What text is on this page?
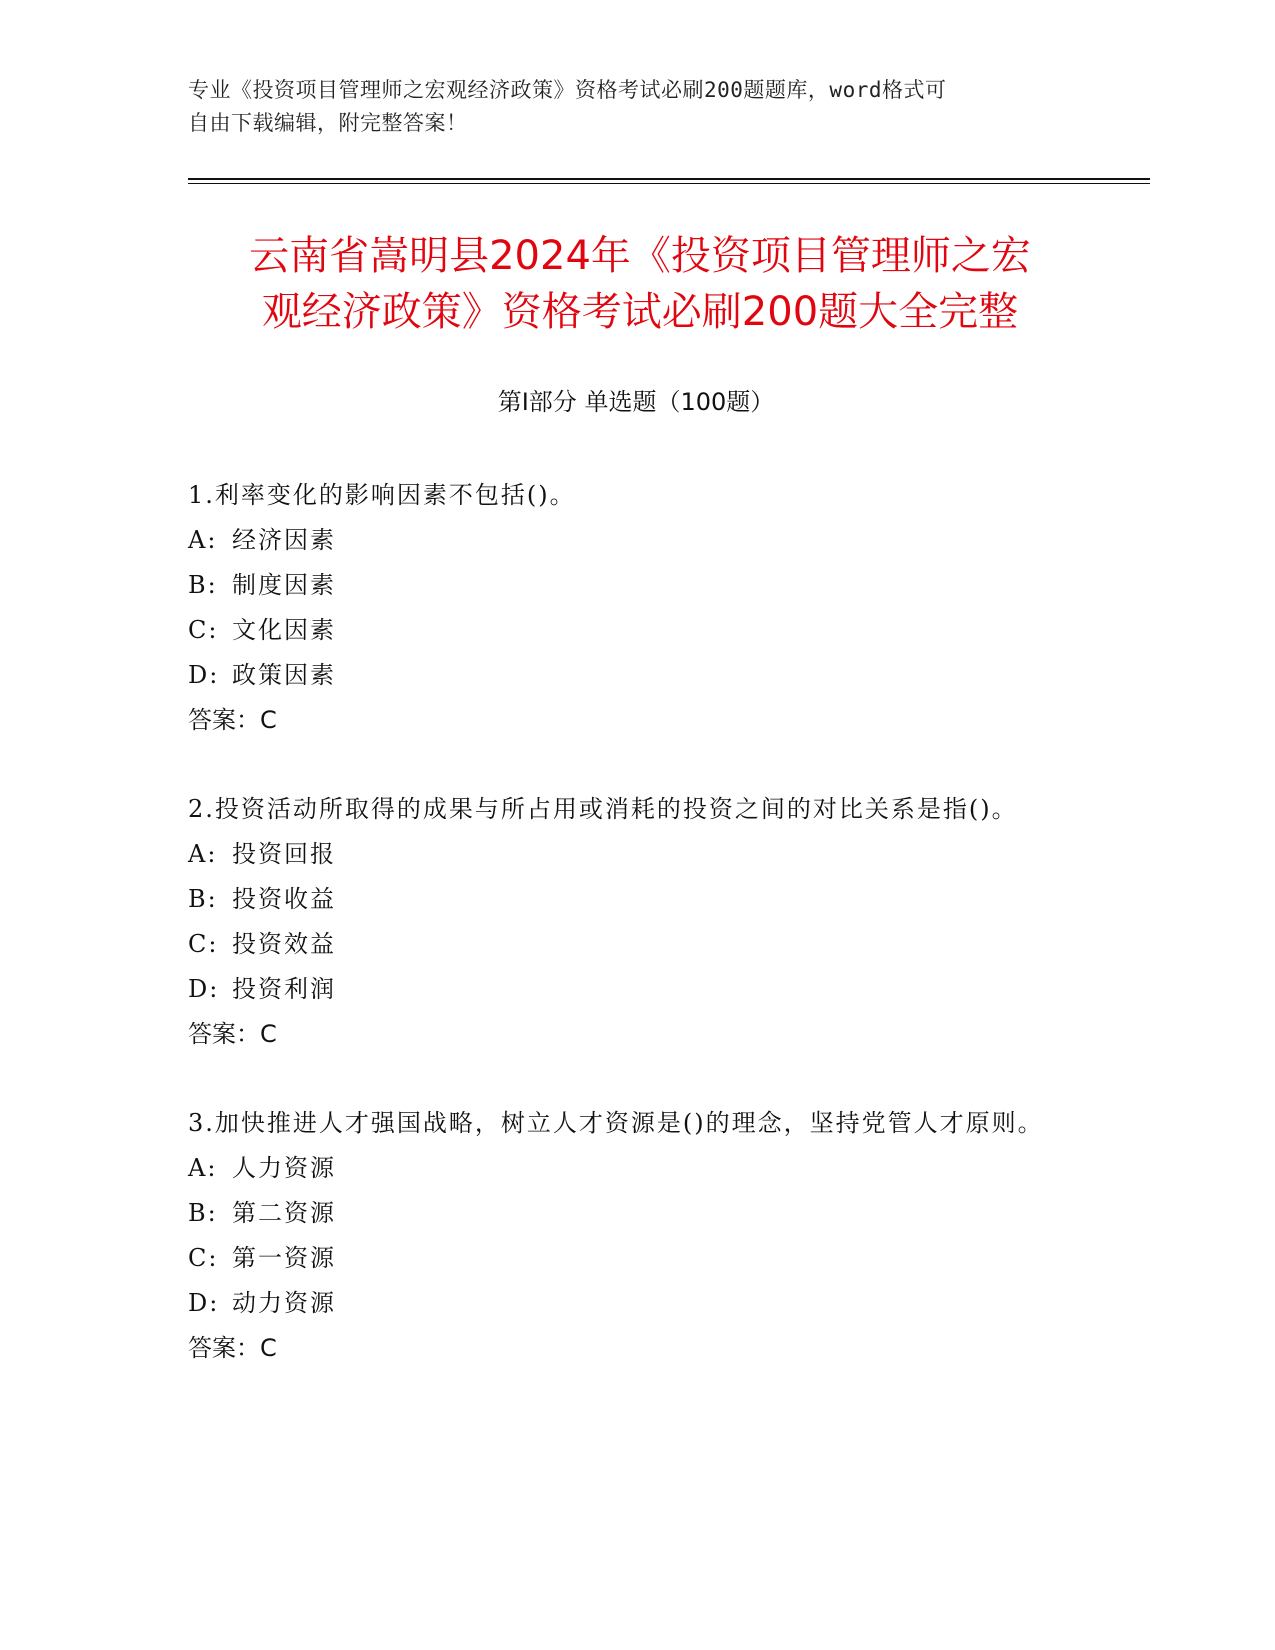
专业《投资项目管理师之宏观经济政策》资格考试必刷200题题库，word格式可
自由下载编辑，附完整答案！
云南省嵩明县2024年《投资项目管理师之宏
观经济政策》资格考试必刷200题大全完整
第Ⅰ部分 单选题（100题）

1.利率变化的影响因素不包括()。

A: 经济因素

B: 制度因素

C: 文化因素

D: 政策因素

答案：C

2.投资活动所取得的成果与所占用或消耗的投资之间的对比关系是指()。

A: 投资回报

B: 投资收益

C: 投资效益

D: 投资利润

答案：C

3.加快推进人才强国战略，树立人才资源是()的理念，坚持党管人才原则。

A: 人力资源

B: 第二资源

C: 第一资源

D: 动力资源

答案：C
